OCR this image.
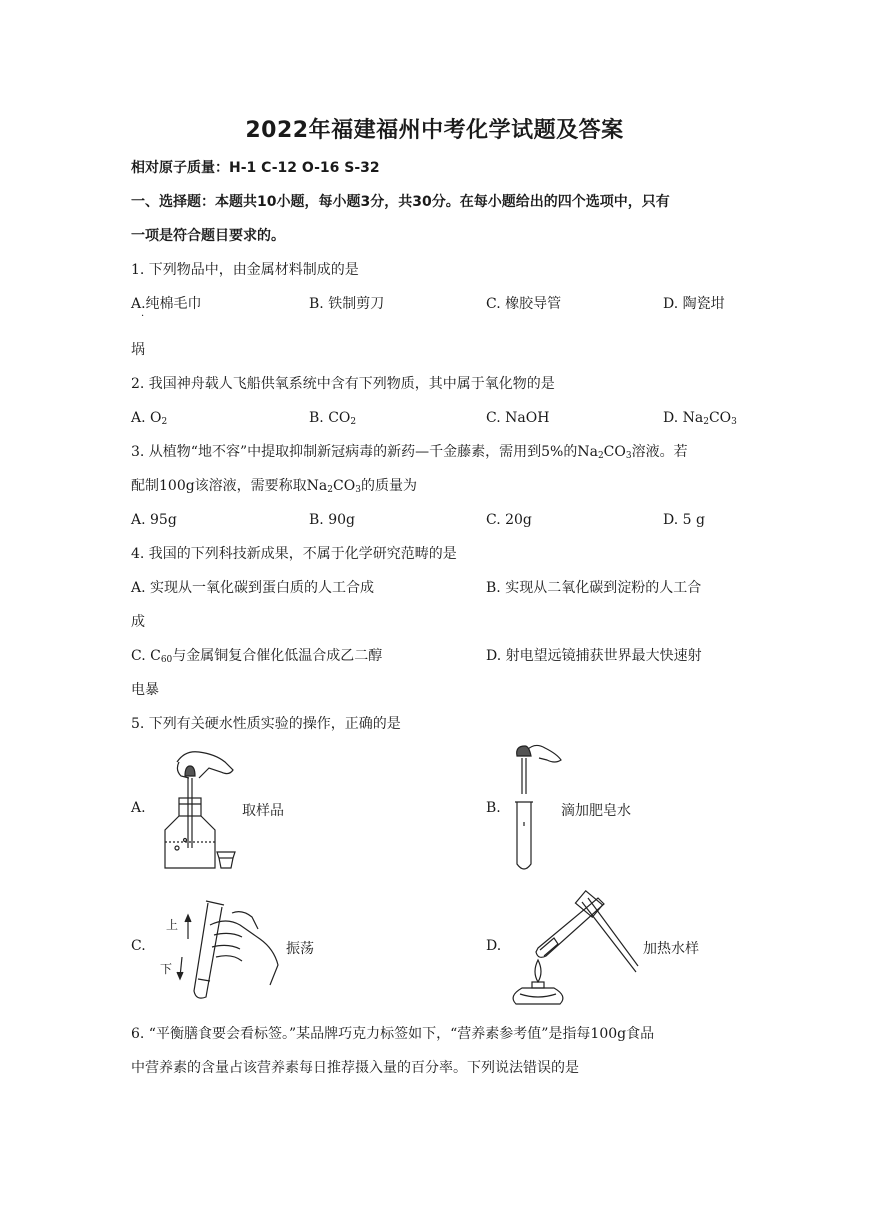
2022年福建福州中考化学试题及答案
相对原子质量：H-1 C-12 O-16 S-32
一、选择题：本题共10小题，每小题3分，共30分。在每小题给出的四个选项中，只有
一项是符合题目要求的。
1. 下列物品中，由金属材料制成的是
A.纯棉毛巾
·
B. 铁制剪刀	C. 橡胶导管	D. 陶瓷坩
埚
2. 我国神舟载人飞船供氧系统中含有下列物质，其中属于氧化物的是
A. $O_2$	B. $CO_2$	C. NaOH	D. $Na_2CO_3$
3. 从植物“地不容”中提取抑制新冠病毒的新药—千金藤素，需用到5%的$Na_2CO_3$溶液。若
配制100g该溶液，需要称取$Na_2CO_3$的质量为
A. 95g	B. 90g	C. 20g	D. 5 g
4. 我国的下列科技新成果，不属于化学研究范畴的是
A. 实现从一氧化碳到蛋白质的人工合成	B. 实现从二氧化碳到淀粉的人工合
成
C. $C_{60}$与金属铜复合催化低温合成乙二醇	D. 射电望远镜捕获世界最大快速射
电暴
5. 下列有关硬水性质实验的操作，正确的是
A.	取样品	B.	滴加肥皂水
C.
上
下
振荡	D.	加热水样
6. “平衡膳食要会看标签。”某品牌巧克力标签如下，“营养素参考值”是指每100g食品
中营养素的含量占该营养素每日推荐摄入量的百分率。下列说法错误的是
